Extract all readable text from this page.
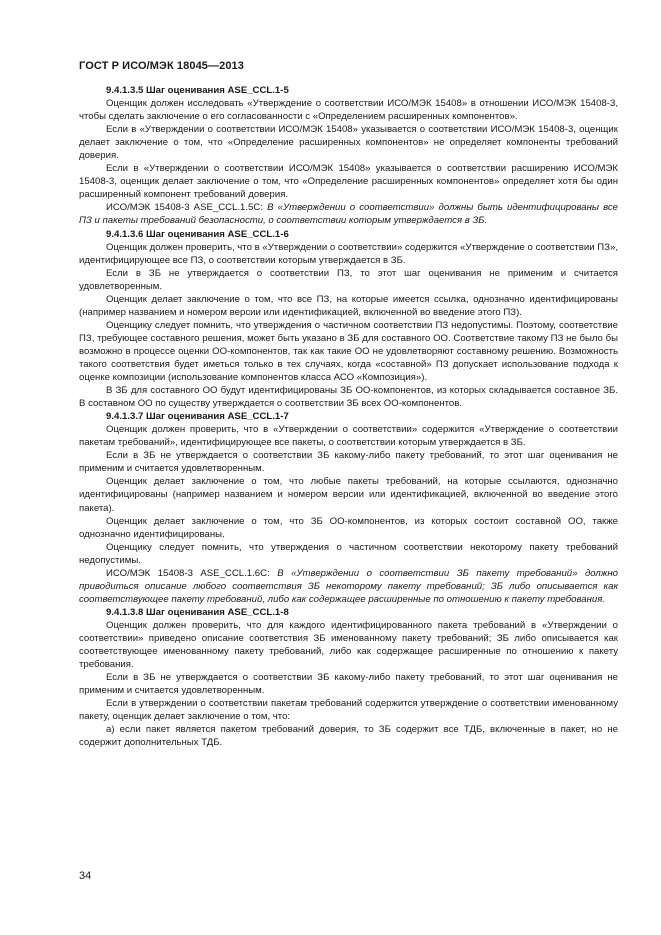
ГОСТ Р ИСО/МЭК 18045—2013

9.4.1.3.5 Шаг оценивания ASE_CCL.1-5

Оценщик должен исследовать «Утверждение о соответствии ИСО/МЭК 15408» в отношении ИСО/МЭК 15408-3, чтобы сделать заключение о его согласованности с «Определением расширенных компонентов».

Если в «Утверждении о соответствии ИСО/МЭК 15408» указывается о соответствии ИСО/МЭК 15408-3, оценщик делает заключение о том, что «Определение расширенных компонентов» не определяет компоненты требований доверия.

Если в «Утверждении о соответствии ИСО/МЭК 15408» указывается о соответствии расширению ИСО/МЭК 15408-3, оценщик делает заключение о том, что «Определение расширенных компонентов» определяет хотя бы один расширенный компонент требований доверия.

ИСО/МЭК 15408-3 ASE_CCL.1.5C: В «Утверждении о соответствии» должны быть идентифицированы все ПЗ и пакеты требований безопасности, о соответствии которым утверждается в ЗБ.

9.4.1.3.6 Шаг оценивания ASE_CCL.1-6

Оценщик должен проверить, что в «Утверждении о соответствии» содержится «Утверждение о соответствии ПЗ», идентифицирующее все ПЗ, о соответствии которым утверждается в ЗБ.

Если в ЗБ не утверждается о соответствии ПЗ, то этот шаг оценивания не применим и считается удовлетворенным.

Оценщик делает заключение о том, что все ПЗ, на которые имеется ссылка, однозначно идентифицированы (например названием и номером версии или идентификацией, включенной во введение этого ПЗ).

Оценщику следует помнить, что утверждения о частичном соответствии ПЗ недопустимы. Поэтому, соответствие ПЗ, требующее составного решения, может быть указано в ЗБ для составного ОО. Соответствие такому ПЗ не было бы возможно в процессе оценки ОО-компонентов, так как такие ОО не удовлетворяют составному решению. Возможность такого соответствия будет иметься только в тех случаях, когда «составной» ПЗ допускает использование подхода к оценке композиции (использование компонентов класса АСО «Композиция»).

В ЗБ для составного ОО будут идентифицированы ЗБ ОО-компонентов, из которых складывается составное ЗБ. В составном ОО по существу утверждается о соответствии ЗБ всех ОО-компонентов.

9.4.1.3.7 Шаг оценивания ASE_CCL.1-7

Оценщик должен проверить, что в «Утверждении о соответствии» содержится «Утверждение о соответствии пакетам требований», идентифицирующее все пакеты, о соответствии которым утверждается в ЗБ.

Если в ЗБ не утверждается о соответствии ЗБ какому-либо пакету требований, то этот шаг оценивания не применим и считается удовлетворенным.

Оценщик делает заключение о том, что любые пакеты требований, на которые ссылаются, однозначно идентифицированы (например названием и номером версии или идентификацией, включенной во введение этого пакета).

Оценщик делает заключение о том, что ЗБ ОО-компонентов, из которых состоит составной ОО, также однозначно идентифицированы.

Оценщику следует помнить, что утверждения о частичном соответствии некоторому пакету требований недопустимы.

ИСО/МЭК 15408-3 ASE_CCL.1.6C: В «Утверждении о соответствии ЗБ пакету требований» должно приводиться описание любого соответствия ЗБ некоторому пакету требований; ЗБ либо описывается как соответствующее пакету требований, либо как содержащее расширенные по отношению к пакету требования.

9.4.1.3.8 Шаг оценивания ASE_CCL.1-8

Оценщик должен проверить, что для каждого идентифицированного пакета требований в «Утверждении о соответствии» приведено описание соответствия ЗБ именованному пакету требований; ЗБ либо описывается как соответствующее именованному пакету требований, либо как содержащее расширенные по отношению к пакету требования.

Если в ЗБ не утверждается о соответствии ЗБ какому-либо пакету требований, то этот шаг оценивания не применим и считается удовлетворенным.

Если в утверждении о соответствии пакетам требований содержится утверждение о соответствии именованному пакету, оценщик делает заключение о том, что:

а) если пакет является пакетом требований доверия, то ЗБ содержит все ТДБ, включенные в пакет, но не содержит дополнительных ТДБ.

34
